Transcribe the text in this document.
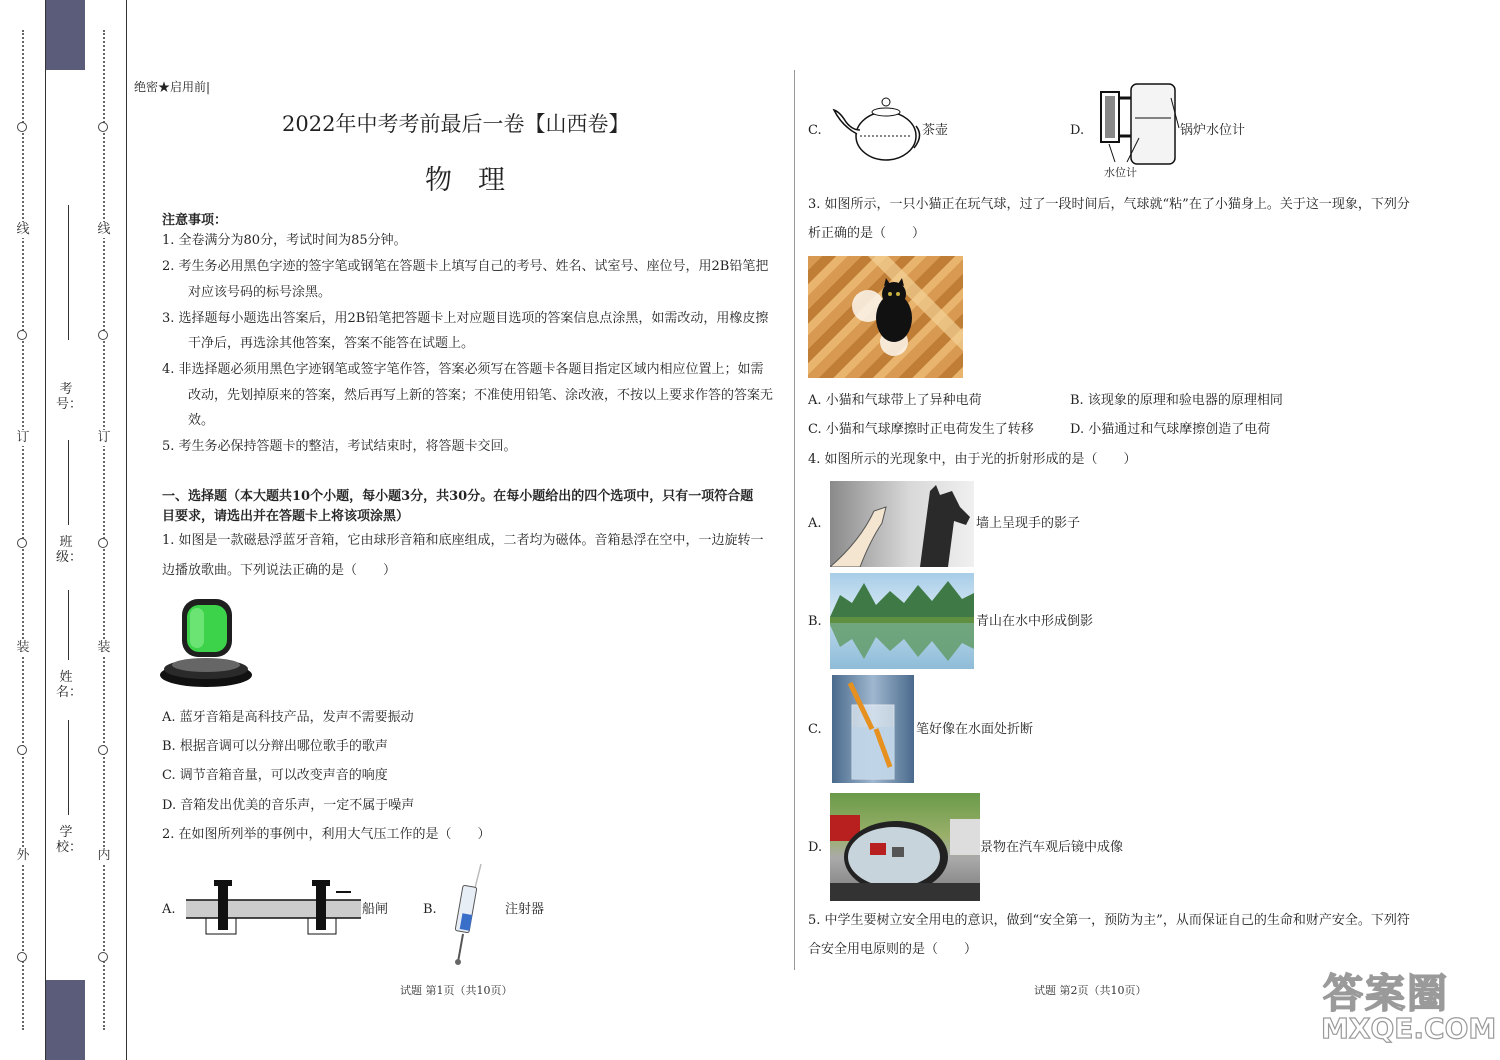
线
订
装
外
线
订
装
内
考号：
班级：
姓名：
学校：
绝密★启用前|
2022年中考考前最后一卷【山西卷】
物理
注意事项：
1. 全卷满分为80分，考试时间为85分钟。
2. 考生务必用黑色字迹的签字笔或钢笔在答题卡上填写自己的考号、姓名、试室号、座位号，用2B铅笔把
对应该号码的标号涂黑。
3. 选择题每小题选出答案后，用2B铅笔把答题卡上对应题目选项的答案信息点涂黑，如需改动，用橡皮擦
干净后，再选涂其他答案，答案不能答在试题上。
4. 非选择题必须用黑色字迹钢笔或签字笔作答，答案必须写在答题卡各题目指定区域内相应位置上；如需
改动，先划掉原来的答案，然后再写上新的答案；不准使用铅笔、涂改液，不按以上要求作答的答案无
效。
5. 考生务必保持答题卡的整洁，考试结束时，将答题卡交回。
一、选择题（本大题共10个小题，每小题3分，共30分。在每小题给出的四个选项中，只有一项符合题
目要求，请选出并在答题卡上将该项涂黑）
1. 如图是一款磁悬浮蓝牙音箱，它由球形音箱和底座组成，二者均为磁体。音箱悬浮在空中，一边旋转一
边播放歌曲。下列说法正确的是（　　）
A. 蓝牙音箱是高科技产品，发声不需要振动
B. 根据音调可以分辩出哪位歌手的歌声
C. 调节音箱音量，可以改变声音的响度
D. 音箱发出优美的音乐声，一定不属于噪声
2. 在如图所列举的事例中，利用大气压工作的是（　　）
A.	船闸	B.	注射器
试题 第1页（共10页）
C.	茶壶	D.	锅炉水位计
水位计
3. 如图所示，一只小猫正在玩气球，过了一段时间后，气球就“粘”在了小猫身上。关于这一现象，下列分
析正确的是（　　）
A. 小猫和气球带上了异种电荷	B. 该现象的原理和验电器的原理相同
C. 小猫和气球摩擦时正电荷发生了转移	D. 小猫通过和气球摩擦创造了电荷
4. 如图所示的光现象中，由于光的折射形成的是（　　）
A.	墙上呈现手的影子
B.	青山在水中形成倒影
C.	笔好像在水面处折断
D.	景物在汽车观后镜中成像
5. 中学生要树立安全用电的意识，做到“安全第一，预防为主”，从而保证自己的生命和财产安全。下列符
合安全用电原则的是（　　）
试题 第2页（共10页）	答案圈
MXQE.COM
